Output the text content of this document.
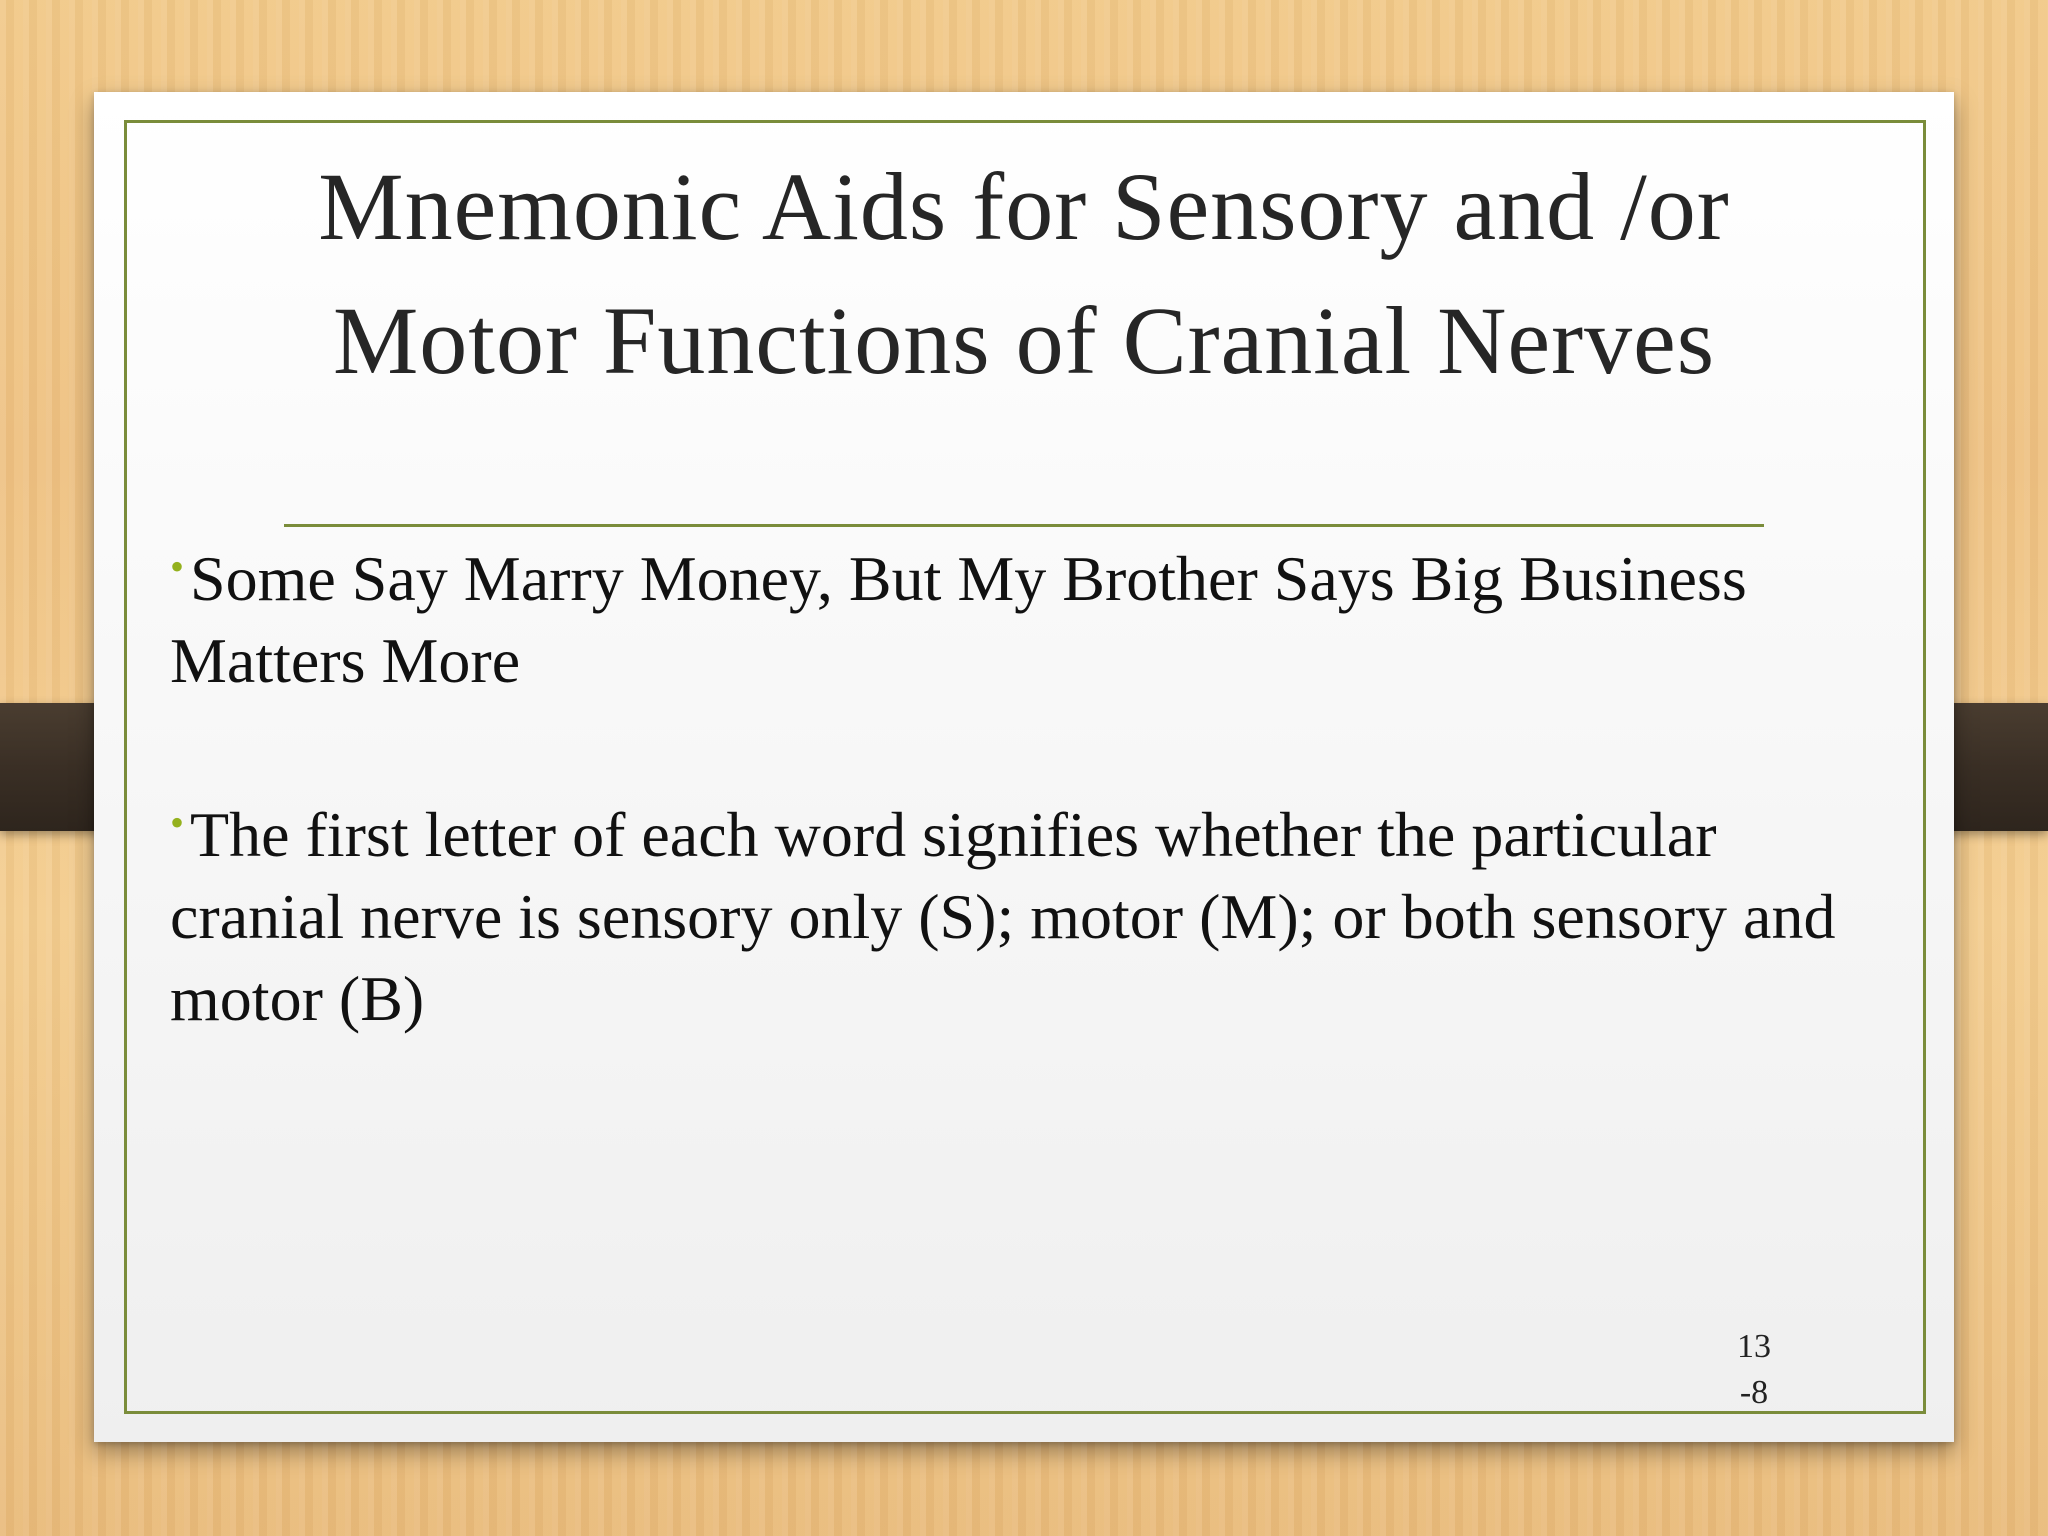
Mnemonic Aids for Sensory and /or Motor Functions of Cranial Nerves

•Some Say Marry Money, But My Brother Says Big Business Matters More

•The first letter of each word signifies whether the particular cranial nerve is sensory only (S); motor (M); or both sensory and motor (B)

13
-8
